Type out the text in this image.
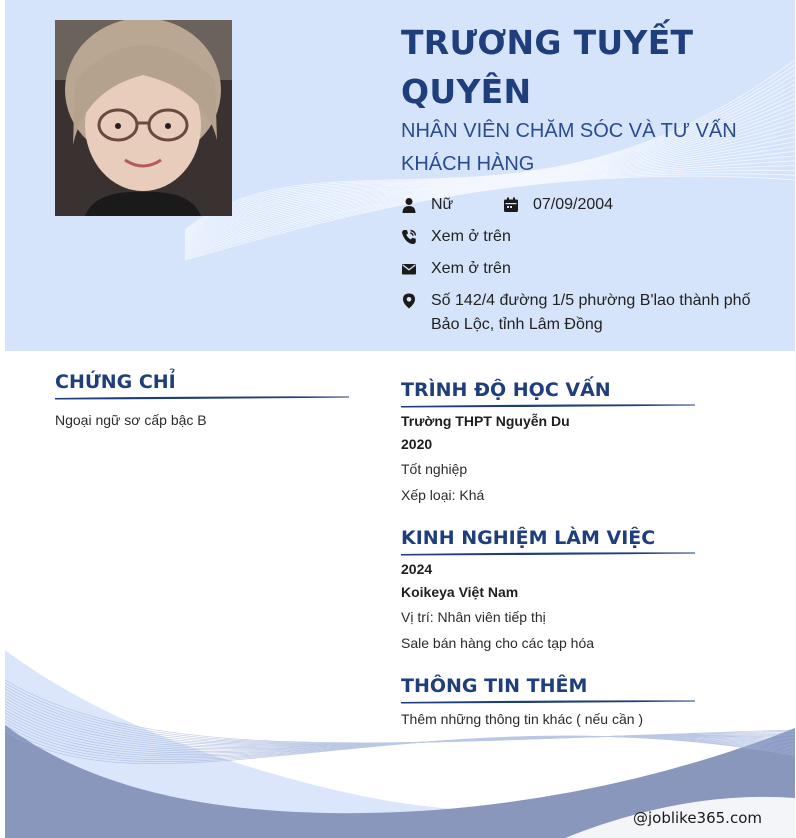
TRƯƠNG TUYẾT
QUYÊN
NHÂN VIÊN CHĂM SÓC VÀ TƯ VẤN
KHÁCH HÀNG
Nữ	07/09/2004
Xem ở trên
Xem ở trên
Số 142/4 đường 1/5 phường B'lao thành phố
Bảo Lộc, tỉnh Lâm Đồng
CHỨNG CHỈ
Ngoại ngữ sơ cấp bậc B
TRÌNH ĐỘ HỌC VẤN
Trường THPT Nguyễn Du
2020
Tốt nghiệp
Xếp loại: Khá
KINH NGHIỆM LÀM VIỆC
2024
Koikeya Việt Nam
Vị trí: Nhân viên tiếp thị
Sale bán hàng cho các tạp hóa
THÔNG TIN THÊM
Thêm những thông tin khác ( nếu cần )
@joblike365.com
